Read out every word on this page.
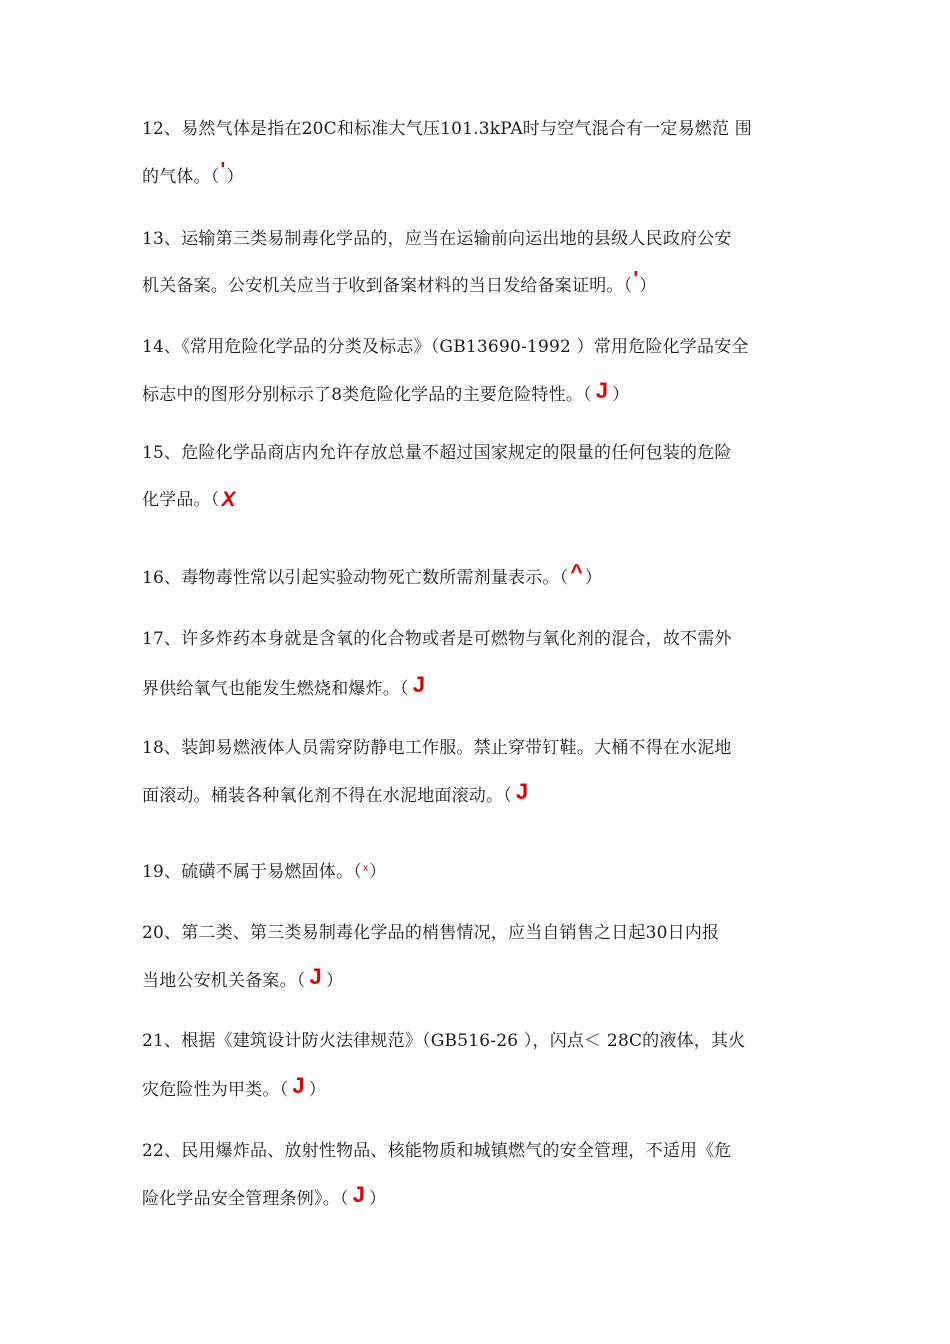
12、易然气体是指在20C和标准大气压101.3kPA时与空气混合有一定易燃范 围
的气体。（'）
13、运输第三类易制毒化学品的，应当在运输前向运出地的县级人民政府公安
机关备案。公安机关应当于收到备案材料的当日发给备案证明。（'）
14、《常用危险化学品的分类及标志》（GB13690-1992 ）常用危险化学品安全
标志中的图形分别标示了8类危险化学品的主要危险特性。（ J ）
15、危险化学品商店内允许存放总量不超过国家规定的限量的任何包装的危险
化学品。（X
16、毒物毒性常以引起实验动物死亡数所需剂量表示。（^ ）
17、许多炸药本身就是含氧的化合物或者是可燃物与氧化剂的混合，故不需外
界供给氧气也能发生燃烧和爆炸。（ J
18、装卸易燃液体人员需穿防静电工作服。禁止穿带钉鞋。大桶不得在水泥地
面滚动。桶装各种氧化剂不得在水泥地面滚动。（ J
19、硫磺不属于易燃固体。（x）
20、第二类、第三类易制毒化学品的梢售情况，应当自销售之日起30日内报
当地公安机关备案。（ J ）
21、根据《建筑设计防火法律规范》（GB516-26 ），闪点＜ 28C的液体，其火
灾危险性为甲类。（ J ）
22、民用爆炸品、放射性物品、核能物质和城镇燃气的安全管理，不适用《危
险化学品安全管理条例》。（ J ）
